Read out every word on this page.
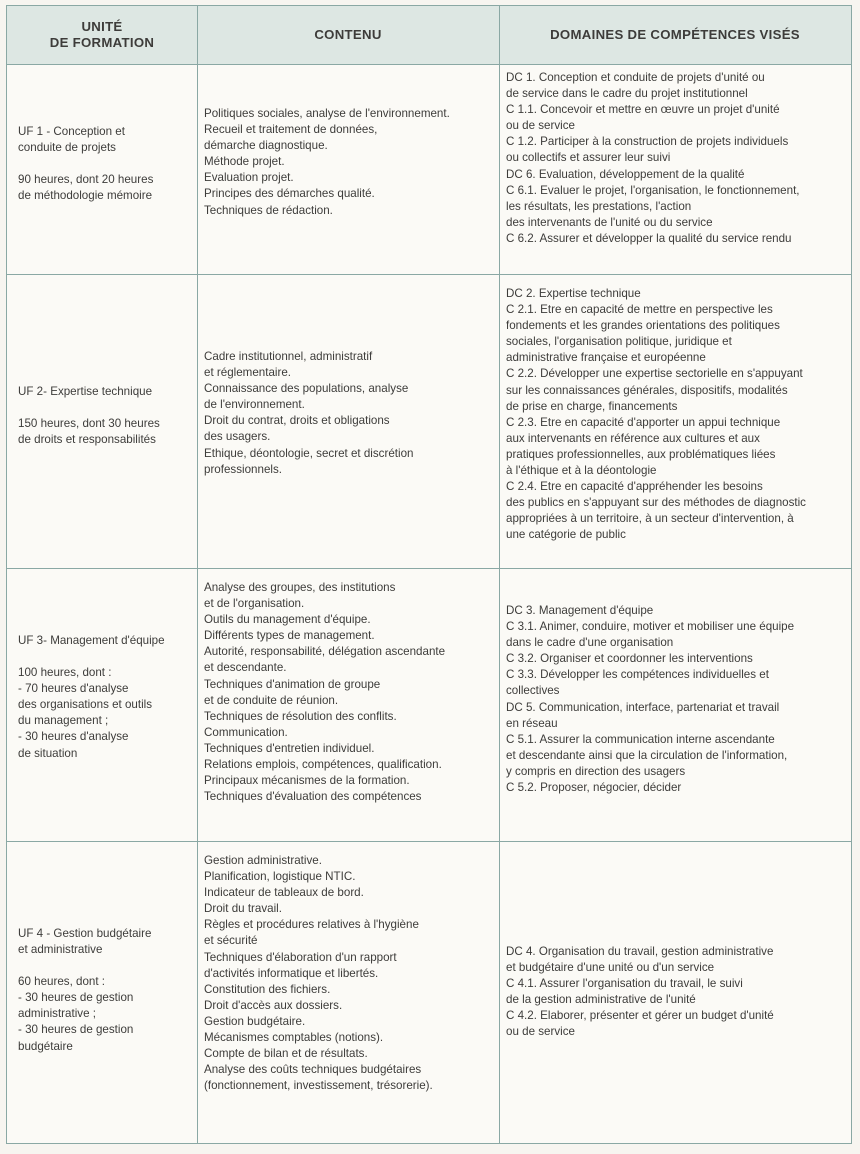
UNITÉ
DE FORMATION
CONTENU	DOMAINES DE COMPÉTENCES VISÉS

UF 1 - Conception et
conduite de projets

90 heures, dont 20 heures
de méthodologie mémoire

Politiques sociales, analyse de l'environnement.

Recueil et traitement de données,
démarche diagnostique.

Méthode projet.

Evaluation projet.

Principes des démarches qualité.

Techniques de rédaction.

DC 1. Conception et conduite de projets d'unité ou
de service dans le cadre du projet institutionnel

C 1.1. Concevoir et mettre en œuvre un projet d'unité
ou de service

C 1.2. Participer à la construction de projets individuels
ou collectifs et assurer leur suivi

DC 6. Evaluation, développement de la qualité

C 6.1. Evaluer le projet, l'organisation, le fonctionnement,
les résultats, les prestations, l'action
des intervenants de l'unité ou du service

C 6.2. Assurer et développer la qualité du service rendu

UF 2- Expertise technique

150 heures, dont 30 heures
de droits et responsabilités

Cadre institutionnel, administratif
et réglementaire.

Connaissance des populations, analyse
de l'environnement.

Droit du contrat, droits et obligations
des usagers.

Ethique, déontologie, secret et discrétion
professionnels.

DC 2. Expertise technique

C 2.1. Etre en capacité de mettre en perspective les
fondements et les grandes orientations des politiques
sociales, l'organisation politique, juridique et
administrative française et européenne

C 2.2. Développer une expertise sectorielle en s'appuyant
sur les connaissances générales, dispositifs, modalités
de prise en charge, financements

C 2.3. Etre en capacité d'apporter un appui technique
aux intervenants en référence aux cultures et aux
pratiques professionnelles, aux problématiques liées
à l'éthique et à la déontologie

C 2.4. Etre en capacité d'appréhender les besoins
des publics en s'appuyant sur des méthodes de diagnostic
appropriées à un territoire, à un secteur d'intervention, à
une catégorie de public

UF 3- Management d'équipe

100 heures, dont :
- 70 heures d'analyse
des organisations et outils
du management ;
- 30 heures d'analyse
de situation

Analyse des groupes, des institutions
et de l'organisation.

Outils du management d'équipe.

Différents types de management.

Autorité, responsabilité, délégation ascendante
et descendante.

Techniques d'animation de groupe
et de conduite de réunion.

Techniques de résolution des conflits.

Communication.

Techniques d'entretien individuel.

Relations emplois, compétences, qualification.

Principaux mécanismes de la formation.

Techniques d'évaluation des compétences

DC 3. Management d'équipe

C 3.1. Animer, conduire, motiver et mobiliser une équipe
dans le cadre d'une organisation

C 3.2. Organiser et coordonner les interventions

C 3.3. Développer les compétences individuelles et
collectives

DC 5. Communication, interface, partenariat et travail
en réseau

C 5.1. Assurer la communication interne ascendante
et descendante ainsi que la circulation de l'information,
y compris en direction des usagers

C 5.2. Proposer, négocier, décider

UF 4 - Gestion budgétaire
et administrative

60 heures, dont :
- 30 heures de gestion
administrative ;
- 30 heures de gestion
budgétaire

Gestion administrative.

Planification, logistique NTIC.

Indicateur de tableaux de bord.

Droit du travail.

Règles et procédures relatives à l'hygiène
et sécurité

Techniques d'élaboration d'un rapport
d'activités informatique et libertés.

Constitution des fichiers.

Droit d'accès aux dossiers.

Gestion budgétaire.

Mécanismes comptables (notions).

Compte de bilan et de résultats.

Analyse des coûts techniques budgétaires
(fonctionnement, investissement, trésorerie).

DC 4. Organisation du travail, gestion administrative
et budgétaire d'une unité ou d'un service

C 4.1. Assurer l'organisation du travail, le suivi
de la gestion administrative de l'unité

C 4.2. Elaborer, présenter et gérer un budget d'unité
ou de service
